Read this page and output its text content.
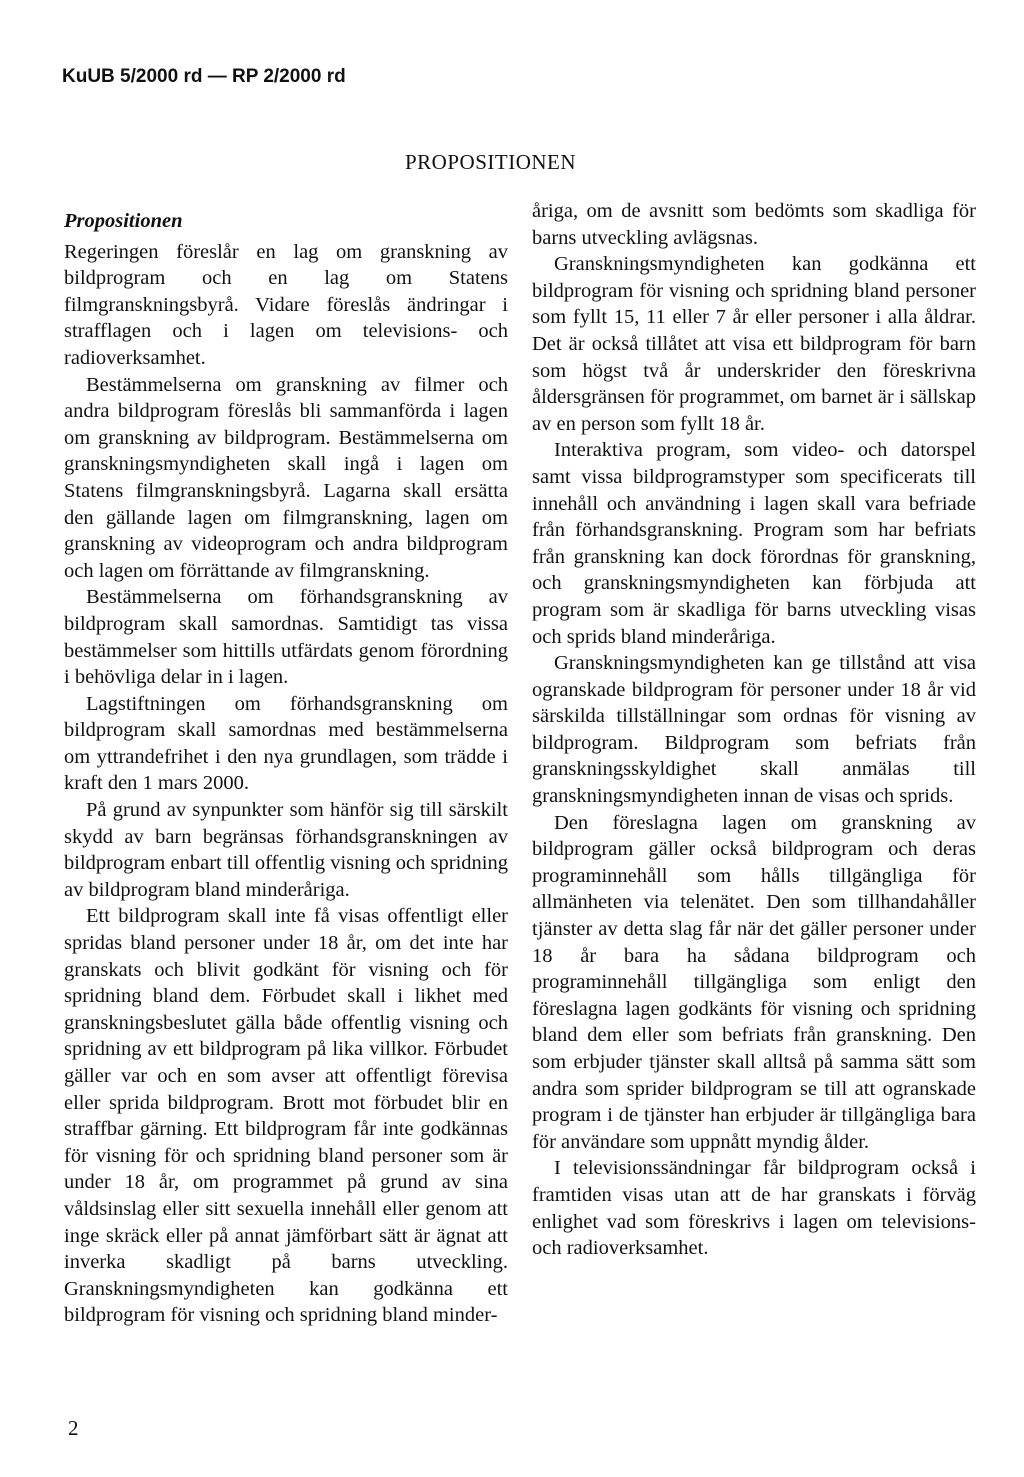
KuUB 5/2000 rd — RP 2/2000 rd
PROPOSITIONEN
Propositionen

Regeringen föreslår en lag om granskning av bildprogram och en lag om Statens filmgranskningsbyrå. Vidare föreslås ändringar i strafflagen och i lagen om televisions- och radioverksamhet.

Bestämmelserna om granskning av filmer och andra bildprogram föreslås bli sammanförda i lagen om granskning av bildprogram. Bestämmelserna om granskningsmyndigheten skall ingå i lagen om Statens filmgranskningsbyrå. Lagarna skall ersätta den gällande lagen om filmgranskning, lagen om granskning av videoprogram och andra bildprogram och lagen om förrättande av filmgranskning.

Bestämmelserna om förhandsgranskning av bildprogram skall samordnas. Samtidigt tas vissa bestämmelser som hittills utfärdats genom förordning i behövliga delar in i lagen.

Lagstiftningen om förhandsgranskning om bildprogram skall samordnas med bestämmelserna om yttrandefrihet i den nya grundlagen, som trädde i kraft den 1 mars 2000.

På grund av synpunkter som hänför sig till särskilt skydd av barn begränsas förhandsgranskningen av bildprogram enbart till offentlig visning och spridning av bildprogram bland minderåriga.

Ett bildprogram skall inte få visas offentligt eller spridas bland personer under 18 år, om det inte har granskats och blivit godkänt för visning och för spridning bland dem. Förbudet skall i likhet med granskningsbeslutet gälla både offentlig visning och spridning av ett bildprogram på lika villkor. Förbudet gäller var och en som avser att offentligt förevisa eller sprida bildprogram. Brott mot förbudet blir en straffbar gärning. Ett bildprogram får inte godkännas för visning för och spridning bland personer som är under 18 år, om programmet på grund av sina våldsinslag eller sitt sexuella innehåll eller genom att inge skräck eller på annat jämförbart sätt är ägnat att inverka skadligt på barns utveckling. Granskningsmyndigheten kan godkänna ett bildprogram för visning och spridning bland minder-

åriga, om de avsnitt som bedömts som skadliga för barns utveckling avlägsnas.

Granskningsmyndigheten kan godkänna ett bildprogram för visning och spridning bland personer som fyllt 15, 11 eller 7 år eller personer i alla åldrar. Det är också tillåtet att visa ett bildprogram för barn som högst två år underskrider den föreskrivna åldersgränsen för programmet, om barnet är i sällskap av en person som fyllt 18 år.

Interaktiva program, som video- och datorspel samt vissa bildprogramstyper som specificerats till innehåll och användning i lagen skall vara befriade från förhandsgranskning. Program som har befriats från granskning kan dock förordnas för granskning, och granskningsmyndigheten kan förbjuda att program som är skadliga för barns utveckling visas och sprids bland minderåriga.

Granskningsmyndigheten kan ge tillstånd att visa ogranskade bildprogram för personer under 18 år vid särskilda tillställningar som ordnas för visning av bildprogram. Bildprogram som befriats från granskningsskyldighet skall anmälas till granskningsmyndigheten innan de visas och sprids.

Den föreslagna lagen om granskning av bildprogram gäller också bildprogram och deras programinnehåll som hålls tillgängliga för allmänheten via telenätet. Den som tillhandahåller tjänster av detta slag får när det gäller personer under 18 år bara ha sådana bildprogram och programinnehåll tillgängliga som enligt den föreslagna lagen godkänts för visning och spridning bland dem eller som befriats från granskning. Den som erbjuder tjänster skall alltså på samma sätt som andra som sprider bildprogram se till att ogranskade program i de tjänster han erbjuder är tillgängliga bara för användare som uppnått myndig ålder.

I televisionssändningar får bildprogram också i framtiden visas utan att de har granskats i förväg enlighet vad som föreskrivs i lagen om televisions- och radioverksamhet.

2
